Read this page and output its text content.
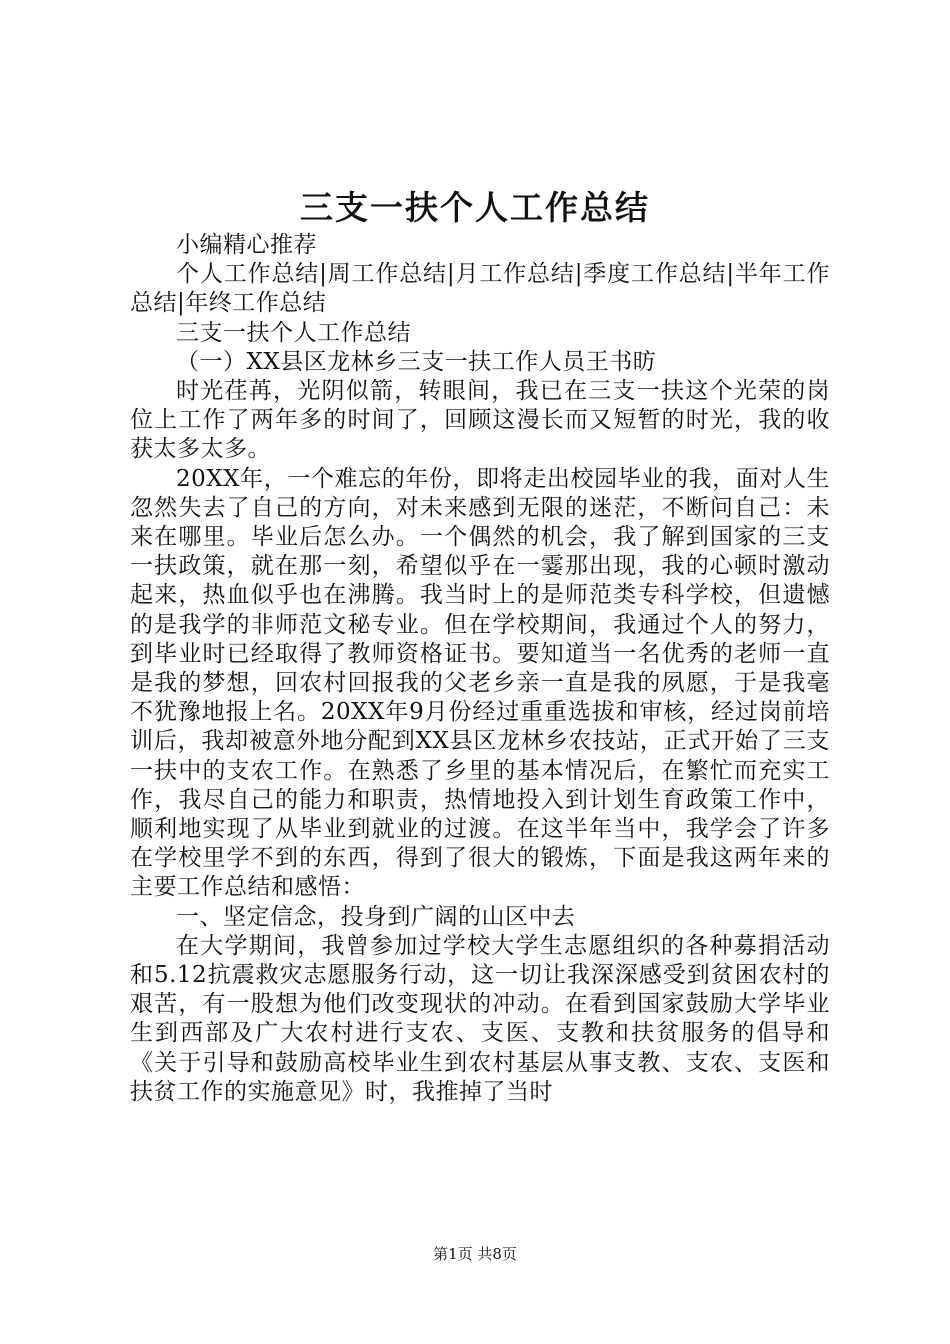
三支一扶个人工作总结

小编精心推荐

个人工作总结|周工作总结|月工作总结|季度工作总结|半年工作总结|年终工作总结

三支一扶个人工作总结

（一）XX县区龙林乡三支一扶工作人员王书昉

时光荏苒，光阴似箭，转眼间，我已在三支一扶这个光荣的岗位上工作了两年多的时间了，回顾这漫长而又短暂的时光，我的收获太多太多。

20XX年，一个难忘的年份，即将走出校园毕业的我，面对人生忽然失去了自己的方向，对未来感到无限的迷茫，不断问自己：未来在哪里。毕业后怎么办。一个偶然的机会，我了解到国家的三支一扶政策，就在那一刻，希望似乎在一霎那出现，我的心顿时激动起来，热血似乎也在沸腾。我当时上的是师范类专科学校，但遗憾的是我学的非师范文秘专业。但在学校期间，我通过个人的努力，到毕业时已经取得了教师资格证书。要知道当一名优秀的老师一直是我的梦想，回农村回报我的父老乡亲一直是我的夙愿，于是我毫不犹豫地报上名。20XX年9月份经过重重选拔和审核，经过岗前培训后，我却被意外地分配到XX县区龙林乡农技站，正式开始了三支一扶中的支农工作。在熟悉了乡里的基本情况后，在繁忙而充实工作，我尽自己的能力和职责，热情地投入到计划生育政策工作中，顺利地实现了从毕业到就业的过渡。在这半年当中，我学会了许多在学校里学不到的东西，得到了很大的锻炼，下面是我这两年来的主要工作总结和感悟：

一、坚定信念，投身到广阔的山区中去

在大学期间，我曾参加过学校大学生志愿组织的各种募捐活动和5.12抗震救灾志愿服务行动，这一切让我深深感受到贫困农村的艰苦，有一股想为他们改变现状的冲动。在看到国家鼓励大学毕业生到西部及广大农村进行支农、支医、支教和扶贫服务的倡导和《关于引导和鼓励高校毕业生到农村基层从事支教、支农、支医和扶贫工作的实施意见》时，我推掉了当时

第1页 共8页
